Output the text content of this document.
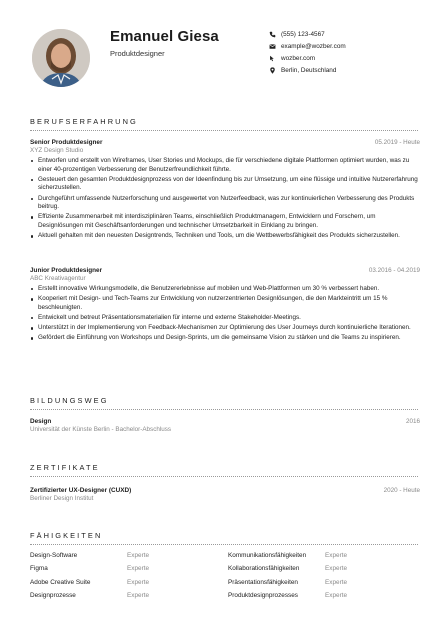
Emanuel Giesa
Produktdesigner
(555) 123-4567
example@wozber.com
wozber.com
Berlin, Deutschland
BERUFSERFAHRUNG
Senior Produktdesigner	05.2019 - Heute
XYZ Design Studio
Entworfen und erstellt von Wireframes, User Stories und Mockups, die für verschiedene digitale Plattformen optimiert wurden, was zu einer 40-prozentigen Verbesserung der Benutzerfreundlichkeit führte.
Gesteuert den gesamten Produktdesignprozess von der Ideenfindung bis zur Umsetzung, um eine flüssige und intuitive Nutzererfahrung sicherzustellen.
Durchgeführt umfassende Nutzerforschung und ausgewertet von Nutzerfeedback, was zur kontinuierlichen Verbesserung des Produkts beitrug.
Effiziente Zusammenarbeit mit interdisziplinären Teams, einschließlich Produktmanagern, Entwicklern und Forschern, um Designlösungen mit Geschäftsanforderungen und technischer Umsetzbarkeit in Einklang zu bringen.
Aktuell gehalten mit den neuesten Designtrends, Techniken und Tools, um die Wettbewerbsfähigkeit des Produkts sicherzustellen.
Junior Produktdesigner	03.2016 - 04.2019
ABC Kreativagentur
Erstellt innovative Wirkungsmodelle, die Benutzererlebnisse auf mobilen und Web-Plattformen um 30 % verbessert haben.
Kooperiert mit Design- und Tech-Teams zur Entwicklung von nutzerzentrierten Designlösungen, die den Markteintritt um 15 % beschleunigten.
Entwickelt und betreut Präsentationsmaterialien für interne und externe Stakeholder-Meetings.
Unterstützt in der Implementierung von Feedback-Mechanismen zur Optimierung des User Journeys durch kontinuierliche Iterationen.
Gefördert die Einführung von Workshops und Design-Sprints, um die gemeinsame Vision zu stärken und die Teams zu inspirieren.
BILDUNGSWEG
Design	2016
Universität der Künste Berlin - Bachelor-Abschluss
ZERTIFIKATE
Zertifizierter UX-Designer (CUXD)	2020 - Heute
Berliner Design Institut
FÄHIGKEITEN
Design-Software	Experte	Kommunikationsfähigkeiten	Experte
Figma	Experte	Kollaborationsfähigkeiten	Experte
Adobe Creative Suite	Experte	Präsentationsfähigkeiten	Experte
Designprozesse	Experte	Produktdesignprozesses	Experte
